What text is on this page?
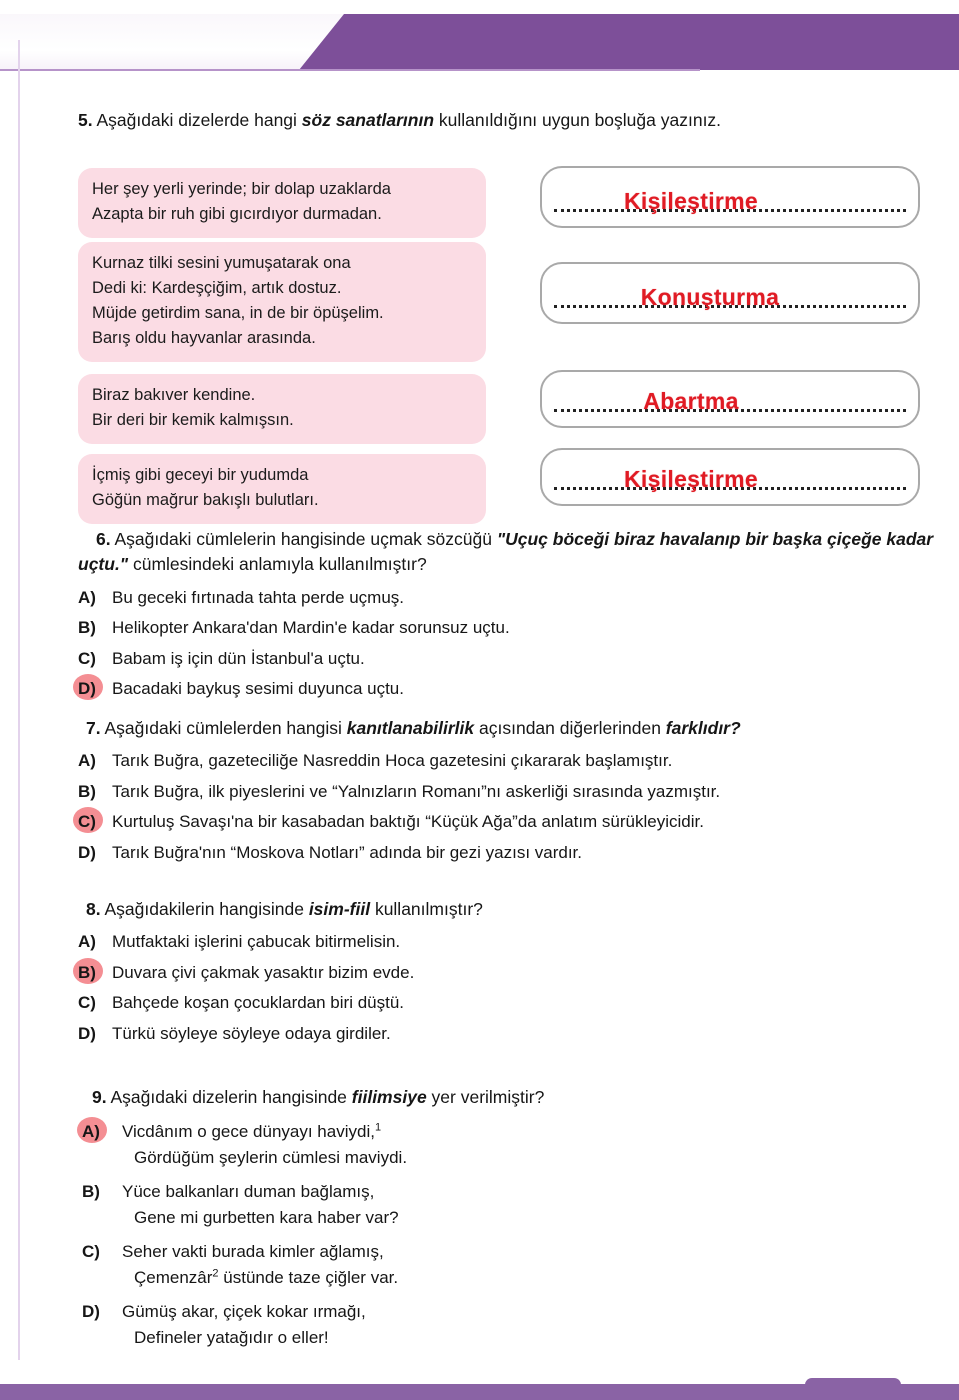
5. Aşağıdaki dizelerde hangi söz sanatlarının kullanıldığını uygun boşluğa yazınız.
Her şey yerli yerinde; bir dolap uzaklarda
Azapta bir ruh gibi gıcırdıyor durmadan.
Kişileştirme
Kurnaz tilki sesini yumuşatarak ona
Dedi ki: Kardeşçiğim, artık dostuz.
Müjde getirdim sana, in de bir öpüşelim.
Barış oldu hayvanlar arasında.
Konuşturma
Biraz bakıver kendine.
Bir deri bir kemik kalmışsın.
Abartma
İçmiş gibi geceyi bir yudumda
Göğün mağrur bakışlı bulutları.
Kişileştirme
6. Aşağıdaki cümlelerin hangisinde uçmak sözcüğü "Uçuç böceği biraz havalanıp bir başka çiçeğe kadar uçtu." cümlesindeki anlamıyla kullanılmıştır?
A) Bu geceki fırtınada tahta perde uçmuş.
B) Helikopter Ankara'dan Mardin'e kadar sorunsuz uçtu.
C) Babam iş için dün İstanbul'a uçtu.
D) Bacadaki baykuş sesimi duyunca uçtu.
7. Aşağıdaki cümlelerden hangisi kanıtlanabilirlik açısından diğerlerinden farklıdır?
A) Tarık Buğra, gazeteciliğe Nasreddin Hoca gazetesini çıkararak başlamıştır.
B) Tarık Buğra, ilk piyeslerini ve “Yalnızların Romanı”nı askerliği sırasında yazmıştır.
C) Kurtuluş Savaşı'na bir kasabadan baktığı “Küçük Ağa”da anlatım sürükleyicidir.
D) Tarık Buğra'nın “Moskova Notları” adında bir gezi yazısı vardır.
8. Aşağıdakilerin hangisinde isim-fiil kullanılmıştır?
A) Mutfaktaki işlerini çabucak bitirmelisin.
B) Duvara çivi çakmak yasaktır bizim evde.
C) Bahçede koşan çocuklardan biri düştü.
D) Türkü söyleye söyleye odaya girdiler.
9. Aşağıdaki dizelerin hangisinde fiilimsiye yer verilmiştir?
A) Vicdânım o gece dünyayı haviydi,$^1$
Gördüğüm şeylerin cümlesi maviydi.
B) Yüce balkanları duman bağlamış,
Gene mi gurbetten kara haber var?
C) Seher vakti burada kimler ağlamış,
Çemenzâr$^2$ üstünde taze çiğler var.
D) Gümüş akar, çiçek kokar ırmağı,
Defineler yatağıdır o eller!
